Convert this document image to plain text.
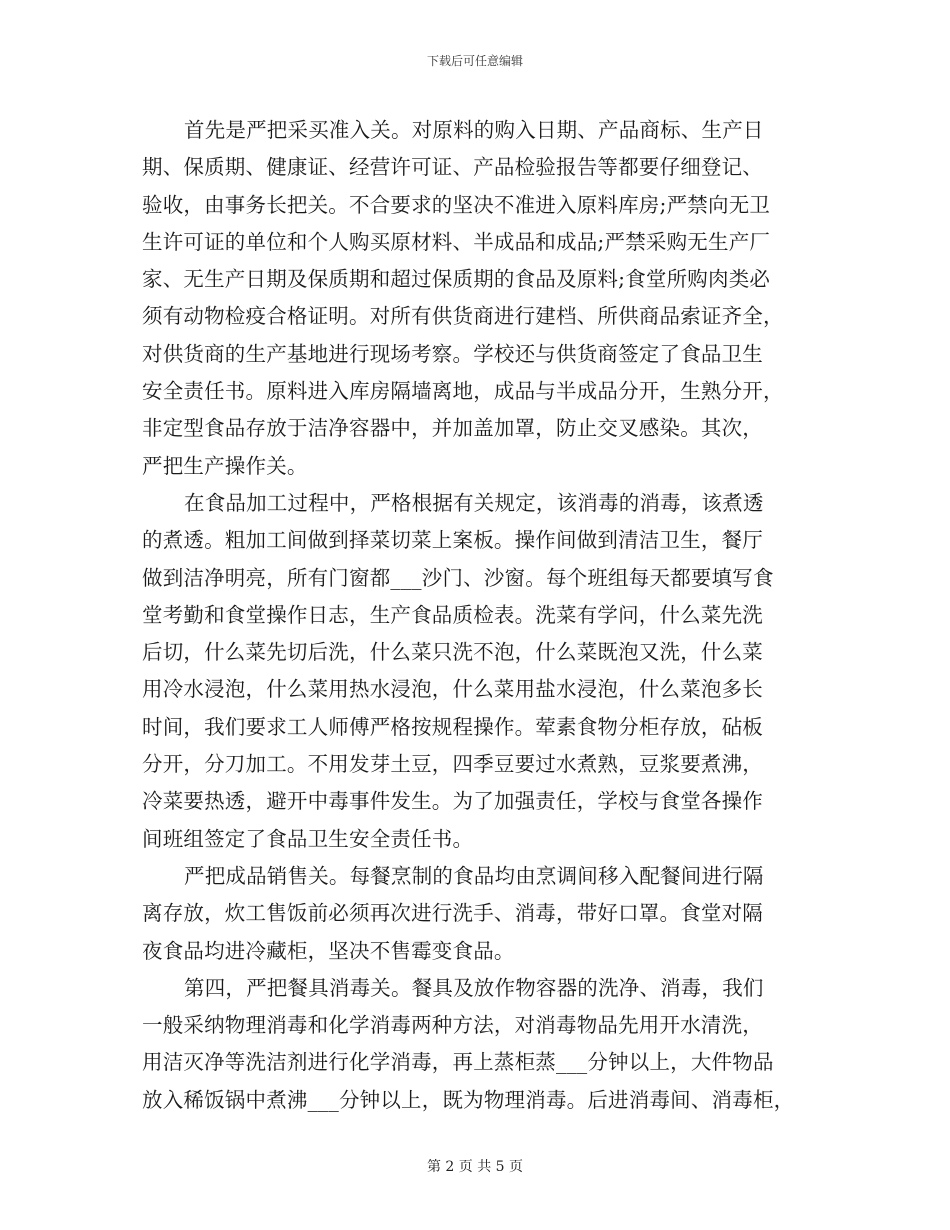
下载后可任意编辑
首先是严把采买准入关。对原料的购入日期、产品商标、生产日
期、保质期、健康证、经营许可证、产品检验报告等都要仔细登记、
验收，由事务长把关。不合要求的坚决不准进入原料库房;严禁向无卫
生许可证的单位和个人购买原材料、半成品和成品;严禁采购无生产厂
家、无生产日期及保质期和超过保质期的食品及原料;食堂所购肉类必
须有动物检疫合格证明。对所有供货商进行建档、所供商品索证齐全，
对供货商的生产基地进行现场考察。学校还与供货商签定了食品卫生
安全责任书。原料进入库房隔墙离地，成品与半成品分开，生熟分开，
非定型食品存放于洁净容器中，并加盖加罩，防止交叉感染。其次，
严把生产操作关。
在食品加工过程中，严格根据有关规定，该消毒的消毒，该煮透
的煮透。粗加工间做到择菜切菜上案板。操作间做到清洁卫生，餐厅
做到洁净明亮，所有门窗都___沙门、沙窗。每个班组每天都要填写食
堂考勤和食堂操作日志，生产食品质检表。洗菜有学问，什么菜先洗
后切，什么菜先切后洗，什么菜只洗不泡，什么菜既泡又洗，什么菜
用冷水浸泡，什么菜用热水浸泡，什么菜用盐水浸泡，什么菜泡多长
时间，我们要求工人师傅严格按规程操作。荤素食物分柜存放，砧板
分开，分刀加工。不用发芽土豆，四季豆要过水煮熟，豆浆要煮沸，
冷菜要热透，避开中毒事件发生。为了加强责任，学校与食堂各操作
间班组签定了食品卫生安全责任书。
严把成品销售关。每餐烹制的食品均由烹调间移入配餐间进行隔
离存放，炊工售饭前必须再次进行洗手、消毒，带好口罩。食堂对隔
夜食品均进冷藏柜，坚决不售霉变食品。
第四，严把餐具消毒关。餐具及放作物容器的洗净、消毒，我们
一般采纳物理消毒和化学消毒两种方法，对消毒物品先用开水清洗，
用洁灭净等洗洁剂进行化学消毒，再上蒸柜蒸___分钟以上，大件物品
放入稀饭锅中煮沸___分钟以上，既为物理消毒。后进消毒间、消毒柜，
第 2 页 共 5 页
